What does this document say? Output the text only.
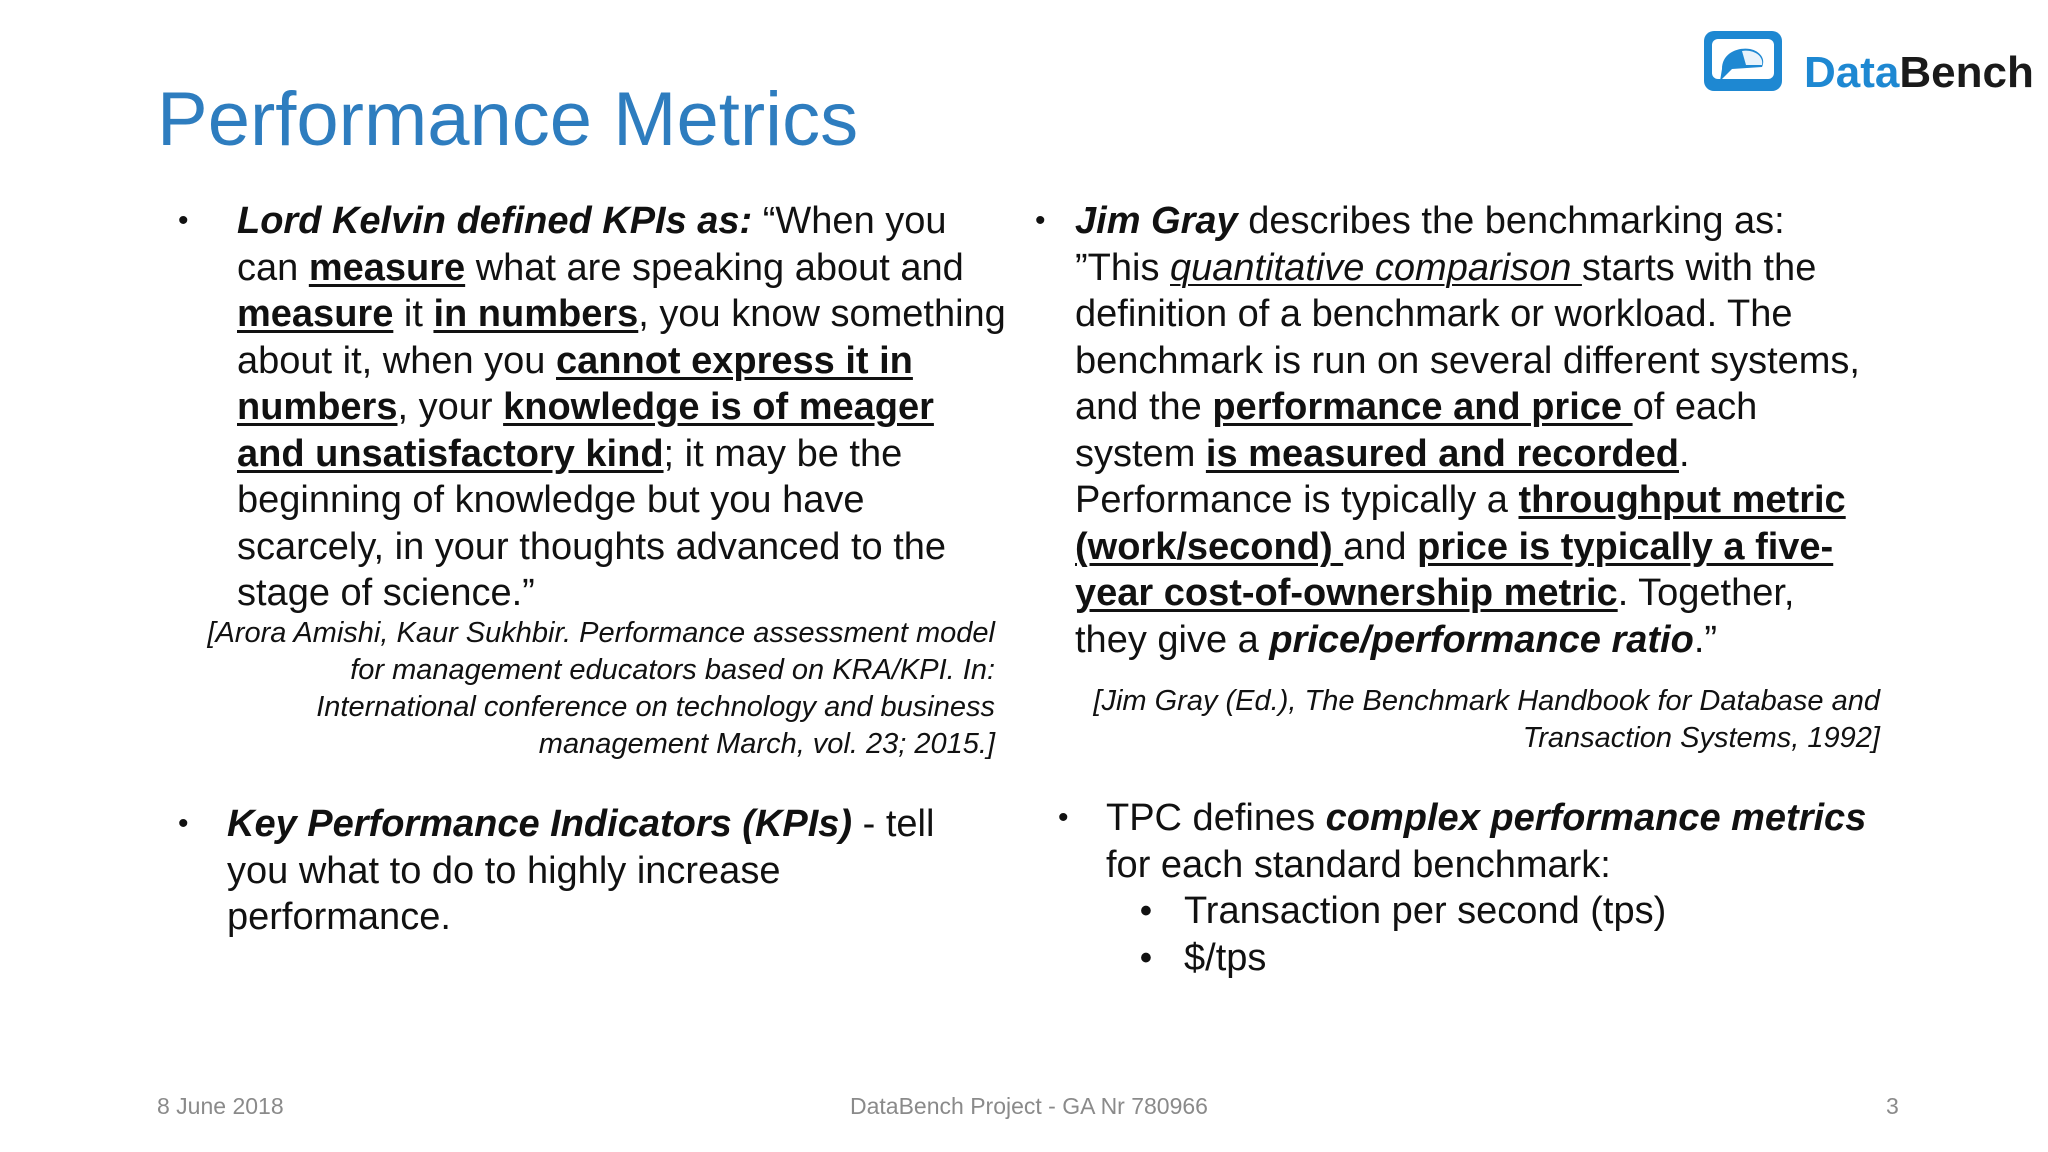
Performance Metrics
DataBench
• Lord Kelvin defined KPIs as: “When you can measure what are speaking about and measure it in numbers, you know something about it, when you cannot express it in numbers, your knowledge is of meager and unsatisfactory kind; it may be the beginning of knowledge but you have scarcely, in your thoughts advanced to the stage of science.”
[Arora Amishi, Kaur Sukhbir. Performance assessment model for management educators based on KRA/KPI. In: International conference on technology and business management March, vol. 23; 2015.]
• Key Performance Indicators (KPIs) - tell you what to do to highly increase performance.
• Jim Gray describes the benchmarking as: ”This quantitative comparison starts with the definition of a benchmark or workload. The benchmark is run on several different systems, and the performance and price of each system is measured and recorded. Performance is typically a throughput metric (work/second) and price is typically a five-year cost-of-ownership metric. Together, they give a price/performance ratio.”
[Jim Gray (Ed.), The Benchmark Handbook for Database and Transaction Systems, 1992]
• TPC defines complex performance metrics for each standard benchmark:
• Transaction per second (tps)
• $/tps
8 June 2018	DataBench Project - GA Nr 780966	3
